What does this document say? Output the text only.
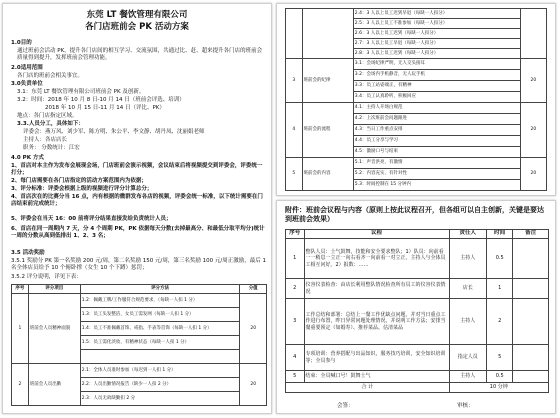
东莞 LT 餐饮管理有限公司
各门店班前会 PK 活动方案
1.0目的
通过班前会活动 PK，提升各门店间的相互学习、交流氛围，共通过比、赶、超来提升各门店的班前会质量得到提升，发挥班前会管理功能。
2.0适用范围
各门店的班前会相关事宜。
3.0负责单位
3.1：东莞 LT 餐饮管理有限公司班前会 PK 及创新。
3.2：时间：2018 年 10 月 8 日-10 月 14 日（班前会评选、培训）
2018 年 10 月 15 日-11 月 14 日（评比、PK）
地点：各门店指定区域。
3.3.人员分工，具体如下：
评委会：燕万风、刘少军、陈方明、朱公平、李文静、胡丹凤、沈丽娟老师
主持人：各店店长
职务： 分数统计：江宏
4.0 PK 方式
1、首店对本主作为发布会展现会场，门店班前会演示视频，会议结束后将视频提交到评委会，评委统一打分；
2、每门店需要在各门店指定的活动方案范围内为依据；
3、评分标准：评委会根据上级的视频进行评分计算总分；
4、首店次在的比赛分当 16 点，内有根据的微群发布各店的视频，评委会统一标准，以下统计需要在门店结束前完成统计；
5、评委会在当天 16：00 前将评分结果直接发给负责统计人员；
6、首店在同一周期内 7 天，分 4 个周期 PK，PK 依据每天分数(去掉最高分、和最低分取平均分)统计一周的分数从高到低排出 1、2、3 名；
3.5 活动奖励
3.5.1 奖励分 PK 第一名奖励 200 元/周，第二名奖励 150 元/周，第三名奖励 100 元/周正激励，最后 1 名全体店员给予 10 个俯卧撑（女生 10 个下蹲）惩罚；
3.5.2 评分说明，详见下表：
序号	评分项目	评分方法	分值
1	班前会人员精神面貌	1.2：佩戴工牌/工作服符合规范要求，（每缺一人扣 1 分）	20
		1.3：员工头发整洁，女员工需发网（每缺一人扣 1 分）	
		1.4：员工不准佩戴首饰、戒指、手表等首饰（每缺一人扣 1 分）	
		1.5：员工需化淡妆，有精神状态（每缺一人扣 1 分）	

2	班前会人员出勤	2.1：全体人员准时参加（每迟到一人扣 1 分）	20
		2.2：人员出勤情况报告（缺少一人扣 2 分）	
		2.3：人员无故缺勤扣 2 分	
		2.4：3 人以上员工迟到早退（每缺一人扣分）	
		2.5：3 人以上员工不准参加（每缺一人扣分）	
		2.6：3 人以上员工迟到（每缺一人扣分）	
		2.7：3 人以上员工早退（每缺一人扣分）	
		2.8：3 人以上员工迟到（每缺一人扣分）	
3	班前会的纪律	3.1：会场纪律严明，无人交头接耳	20
		3.2：会场内手机静音，无人玩手机	
		3.3：员工站姿端正，有精神	
		3.4：员工认真聆听，积极回应	
4	班前会的流程	4.1：主持人开场白规范	20
		4.2：上次班前会问题跟进	
		4.3：当日工作重点安排	
		4.4：员工分享与学习	
		4.5：激励口号与结束	
5	班前会的内容	5.1：声音洪亮，有激情	20
		5.2：内容充实，有针对性	
		5.3：时间控制在 15 分钟内	
附件：班前会议程与内容（原则上按此议程召开，但各组可以自主创新，关键是要达到班前会效果）
序号	议程	责任人	时间	备注
1	整队人员：士气鼓舞，技能和安全要求整队；1）队员：向前看一一稍息一立正一向右看齐一向前看一对立正，主持人与全体员工相互问好。2）报数：……	主持人	0.5	
2	仪容仪表检查：由店长利用整队情况检查所有员工的仪容仪表情况	店长	1	
3	工作总结和部署：总结上一餐工作优缺点问题，并对当日重点工作进行布置，昨日异常问题处理情况，并说明工作方法；安排当餐重要预定（如婚寿）、推荐菜品、估清菜品	主持人	2	
4	专项培训：营养搭配与出品知识，服务技巧培训，安全知识培训等；全员参与	指定人员	5	
5	结束：全员喊口号！鼓舞士气	主持人	0.5	
合 计		10 分钟		
会签：	审核：
